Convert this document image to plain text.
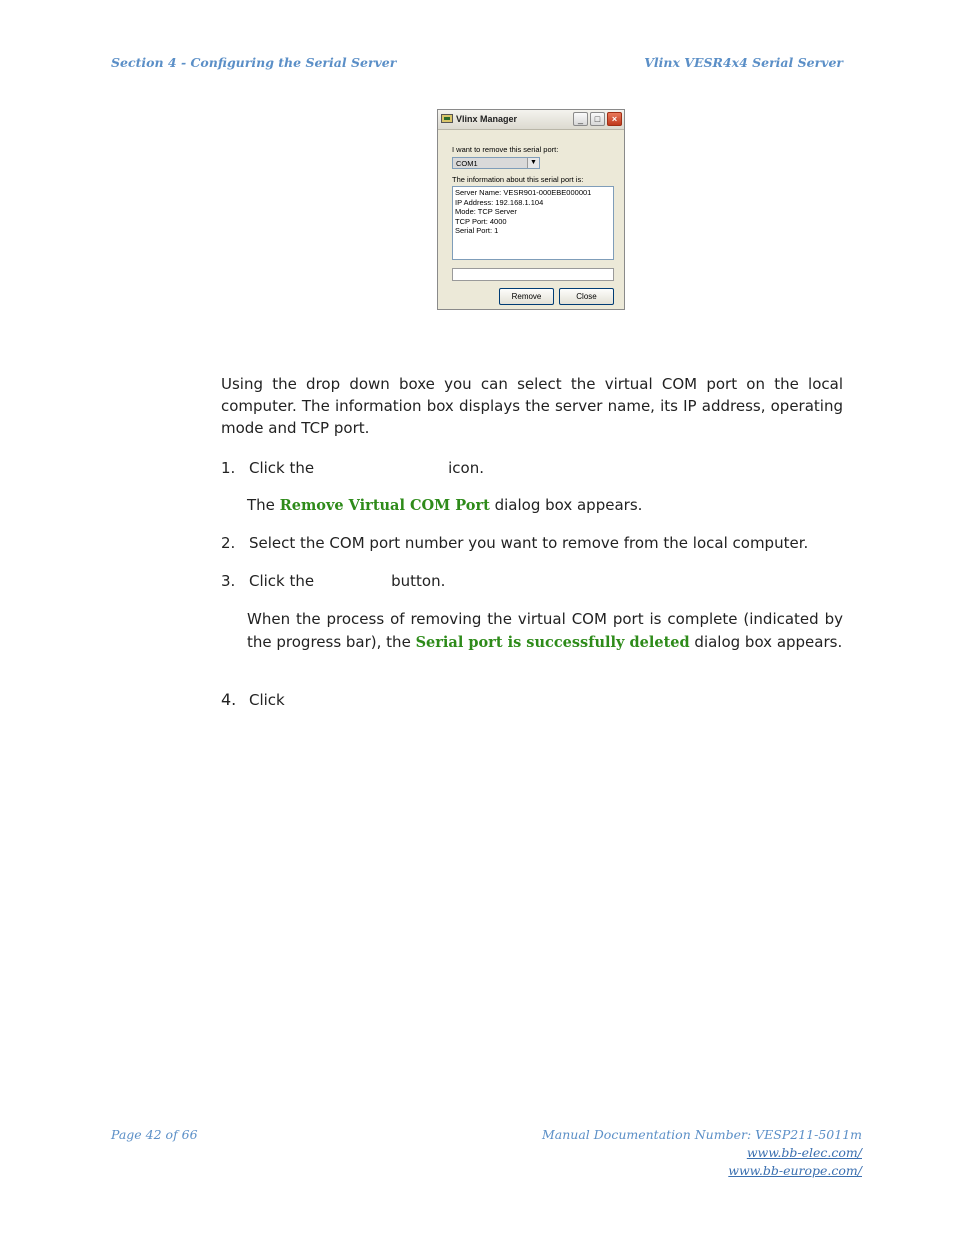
Section 4 - Configuring the Serial Server	Vlinx VESR4x4 Serial Server
Vlinx Manager	_	□	×
I want to remove this serial port:
COM1	▼
The information about this serial port is:
Server Name: VESR901-000EBE000001
IP Address: 192.168.1.104
Mode: TCP Server
TCP Port: 4000
Serial Port: 1
Remove	Close
Using the drop down boxe you can select the virtual COM port on the local computer. The information box displays the server name, its IP address, operating mode and TCP port.
1. Click the	icon.
The Remove Virtual COM Port dialog box appears.
2. Select the COM port number you want to remove from the local computer.
3. Click the	button.
When the process of removing the virtual COM port is complete (indicated by the progress bar), the Serial port is successfully deleted dialog box appears.
4. Click
Page 42 of 66	Manual Documentation Number: VESP211-5011m
www.bb-elec.com/
www.bb-europe.com/
